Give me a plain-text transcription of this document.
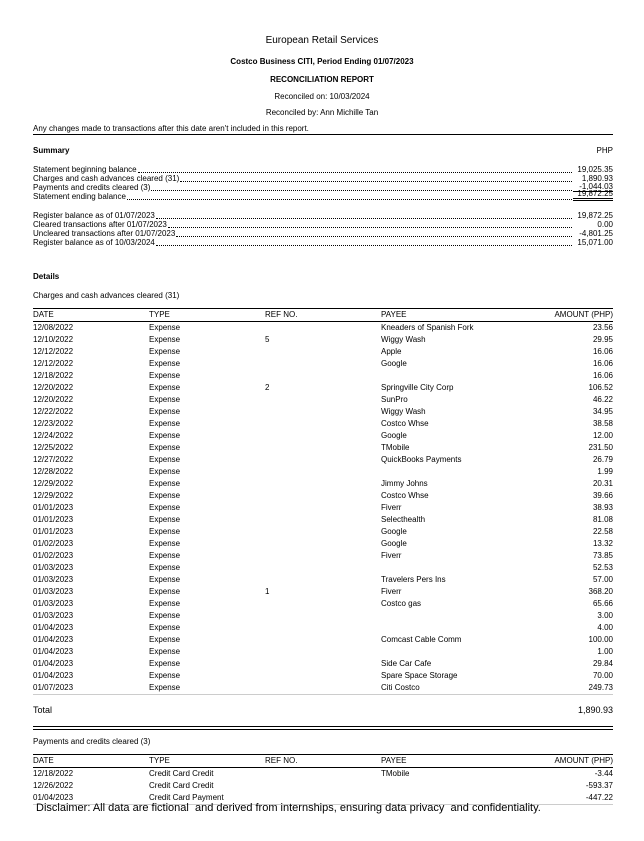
European Retail Services
Costco Business CITI, Period Ending 01/07/2023
RECONCILIATION REPORT
Reconciled on: 10/03/2024
Reconciled by: Ann Michille Tan
Any changes made to transactions after this date aren't included in this report.
Summary	PHP
Statement beginning balance	19,025.35
Charges and cash advances cleared (31)	1,890.93
Payments and credits cleared (3)	-1,044.03
Statement ending balance	19,872.25
Register balance as of 01/07/2023	19,872.25
Cleared transactions after 01/07/2023	0.00
Uncleared transactions after 01/07/2023	-4,801.25
Register balance as of 10/03/2024	15,071.00
Details
Charges and cash advances cleared (31)
DATE	TYPE	REF NO.	PAYEE	AMOUNT (PHP)
12/08/2022	Expense		Kneaders of Spanish Fork	23.56
12/10/2022	Expense	5	Wiggy Wash	29.95
12/12/2022	Expense		Apple	16.06
12/12/2022	Expense		Google	16.06
12/18/2022	Expense			16.06
12/20/2022	Expense	2	Springville City Corp	106.52
12/20/2022	Expense		SunPro	46.22
12/22/2022	Expense		Wiggy Wash	34.95
12/23/2022	Expense		Costco Whse	38.58
12/24/2022	Expense		Google	12.00
12/25/2022	Expense		TMobile	231.50
12/27/2022	Expense		QuickBooks Payments	26.79
12/28/2022	Expense			1.99
12/29/2022	Expense		Jimmy Johns	20.31
12/29/2022	Expense		Costco Whse	39.66
01/01/2023	Expense		Fiverr	38.93
01/01/2023	Expense		Selecthealth	81.08
01/01/2023	Expense		Google	22.58
01/02/2023	Expense		Google	13.32
01/02/2023	Expense		Fiverr	73.85
01/03/2023	Expense			52.53
01/03/2023	Expense		Travelers Pers Ins	57.00
01/03/2023	Expense	1	Fiverr	368.20
01/03/2023	Expense		Costco gas	65.66
01/03/2023	Expense			3.00
01/04/2023	Expense			4.00
01/04/2023	Expense		Comcast Cable Comm	100.00
01/04/2023	Expense			1.00
01/04/2023	Expense		Side Car Cafe	29.84
01/04/2023	Expense		Spare Space Storage	70.00
01/07/2023	Expense		Citi Costco	249.73
Total	1,890.93
Payments and credits cleared (3)
DATE	TYPE	REF NO.	PAYEE	AMOUNT (PHP)
12/18/2022	Credit Card Credit		TMobile	-3.44
12/26/2022	Credit Card Credit			-593.37
01/04/2023	Credit Card Payment			-447.22
Disclaimer: All data are fictional  and derived from internships, ensuring data privacy  and confidentiality.
